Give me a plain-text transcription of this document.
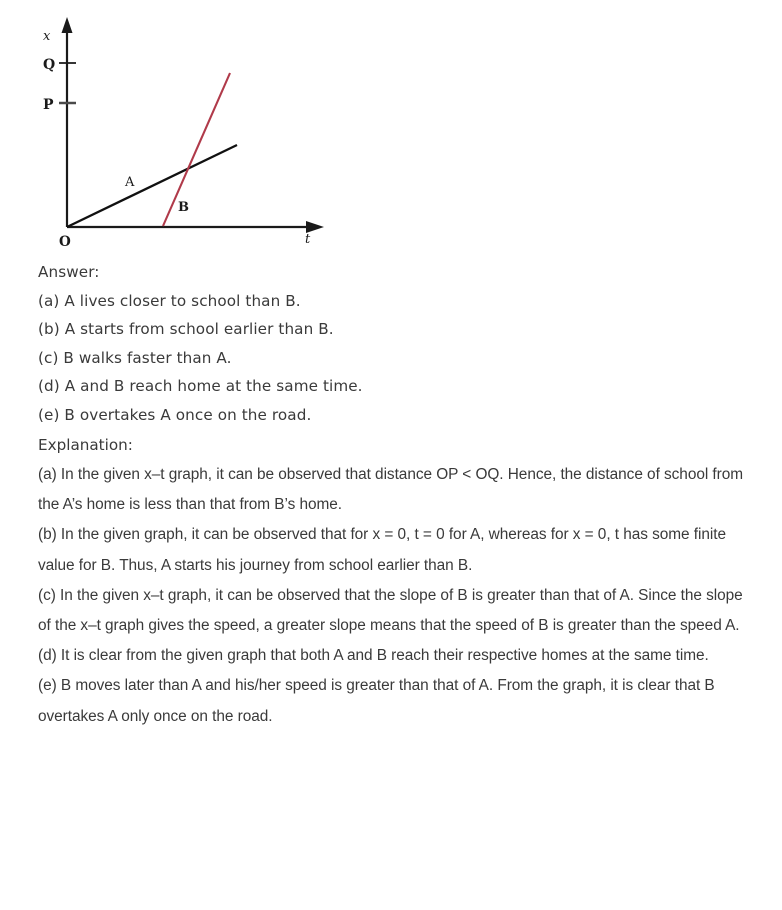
x
t
Q
P
O
A
B
Answer:
(a) A lives closer to school than B.
(b) A starts from school earlier than B.
(c) B walks faster than A.
(d) A and B reach home at the same time.
(e) B overtakes A once on the road.
Explanation:

(a) In the given x–t graph, it can be observed that distance OP < OQ. Hence, the distance of school from the A’s home is less than that from B’s home.

(b) In the given graph, it can be observed that for x = 0, t = 0 for A, whereas for x = 0, t has some finite value for B. Thus, A starts his journey from school earlier than B.

(c) In the given x–t graph, it can be observed that the slope of B is greater than that of A. Since the slope of the x–t graph gives the speed, a greater slope means that the speed of B is greater than the speed A.

(d) It is clear from the given graph that both A and B reach their respective homes at the same time.

(e) B moves later than A and his/her speed is greater than that of A. From the graph, it is clear that B overtakes A only once on the road.
